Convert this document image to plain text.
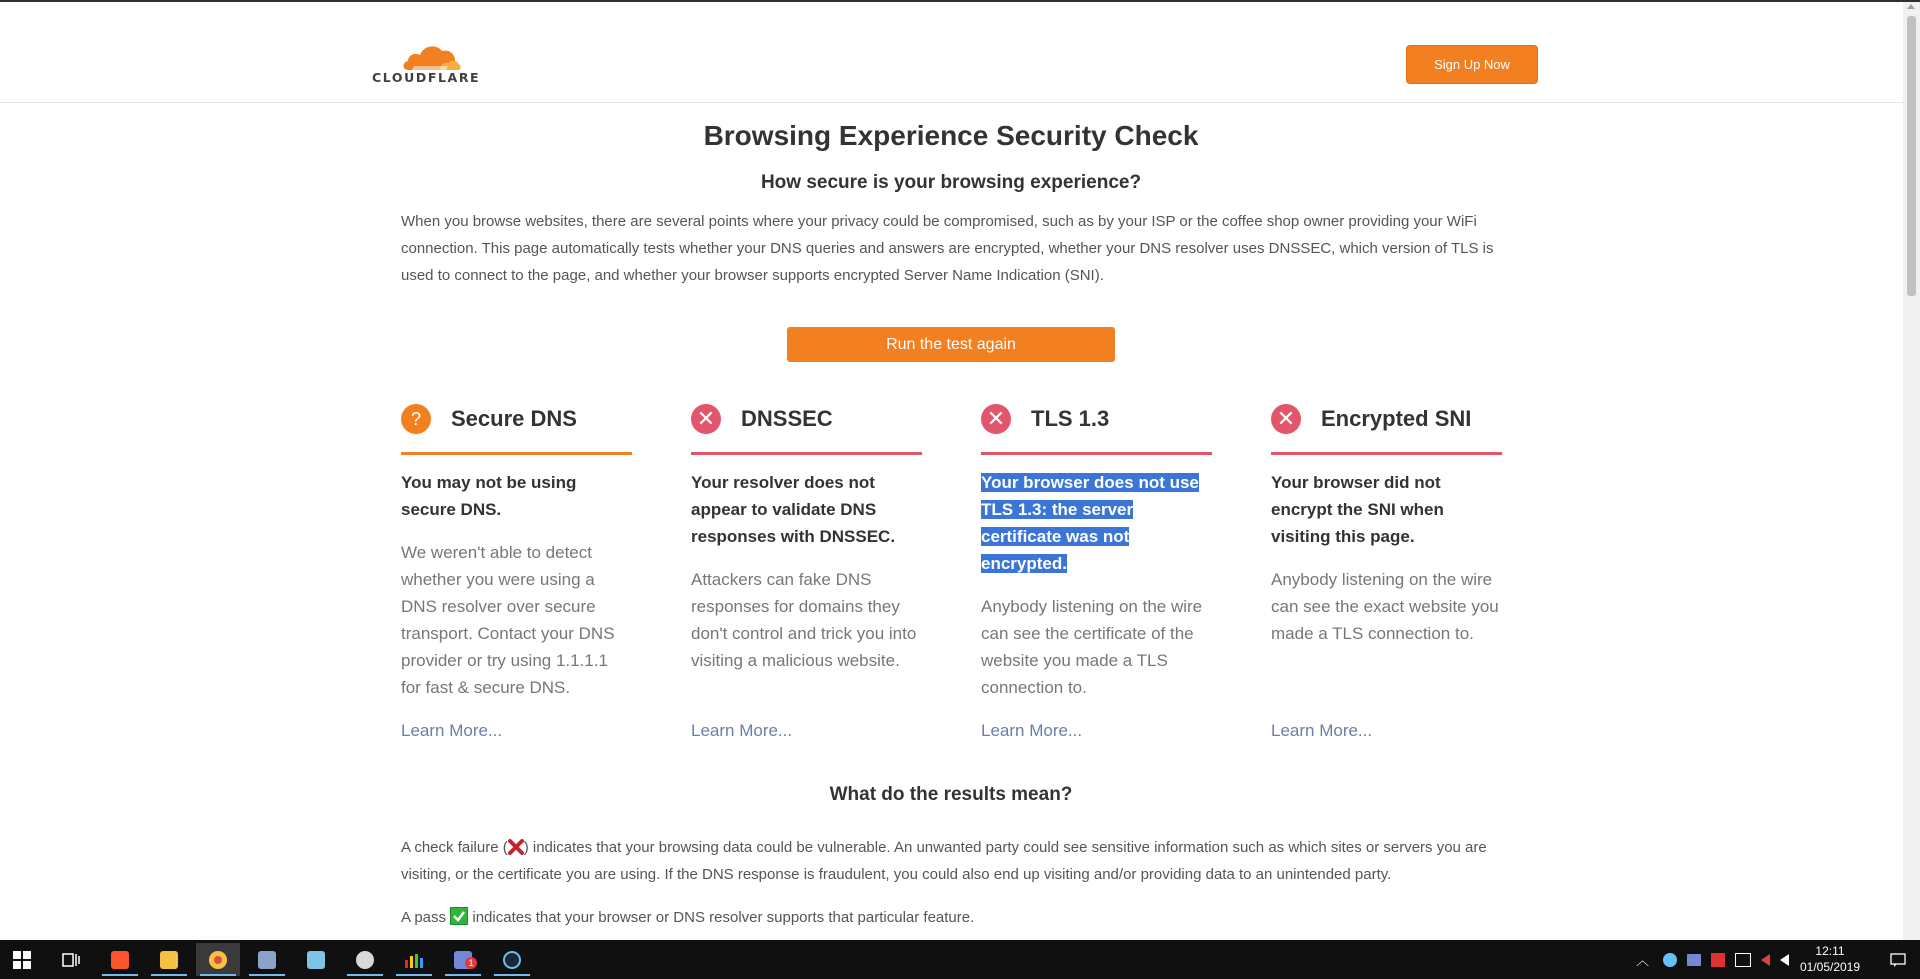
CLOUDFLARE
Sign Up Now
Browsing Experience Security Check
How secure is your browsing experience?
When you browse websites, there are several points where your privacy could be compromised, such as by your ISP or the coffee shop owner providing your WiFi connection. This page automatically tests whether your DNS queries and answers are encrypted, whether your DNS resolver uses DNSSEC, which version of TLS is used to connect to the page, and whether your browser supports encrypted Server Name Indication (SNI).
Run the test again
?	Secure DNS
You may not be using secure DNS.
We weren't able to detect whether you were using a DNS resolver over secure transport. Contact your DNS provider or try using 1.1.1.1 for fast & secure DNS.
Learn More...
✕ DNSSEC
Your resolver does not appear to validate DNS responses with DNSSEC.
Attackers can fake DNS responses for domains they don't control and trick you into visiting a malicious website.
Learn More...
✕ TLS 1.3
Your browser does not use TLS 1.3: the server certificate was not encrypted.
Anybody listening on the wire can see the certificate of the website you made a TLS connection to.
Learn More...
✕ Encrypted SNI
Your browser did not encrypt the SNI when visiting this page.
Anybody listening on the wire can see the exact website you made a TLS connection to.
Learn More...
What do the results mean?
A check failure ( ) indicates that your browsing data could be vulnerable. An unwanted party could see sensitive information such as which sites or servers you are visiting, or the certificate you are using. If the DNS response is fraudulent, you could also end up visiting and/or providing data to an unintended party.
A pass indicates that your browser or DNS resolver supports that particular feature.
1	︿
12:11
01/05/2019
